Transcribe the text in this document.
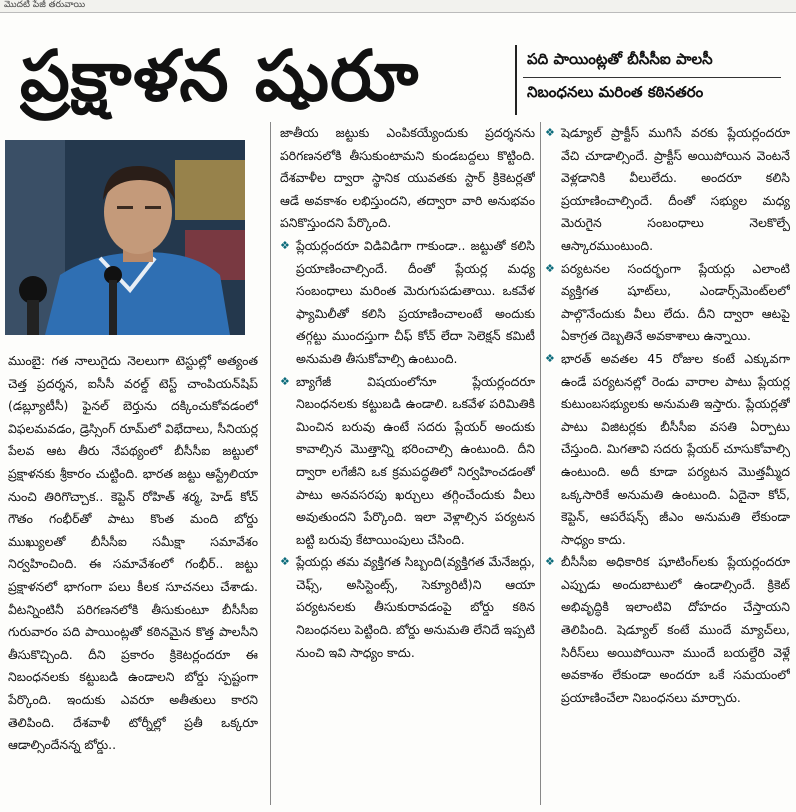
మొదటి పేజీ తరువాయి
ప్రక్షాళన షురూ	పది పాయింట్లతో బీసీసీఐ పాలసీ
నిబంధనలు మరింత కఠినతరం

ముంబై: గత నాలుగైదు నెలలుగా టెస్టుల్లో అత్యంత చెత్త ప్రదర్శన, ఐసీసీ వరల్డ్ టెస్ట్ చాంపియన్‌షిప్ (డబ్ల్యూటీసీ) ఫైనల్ బెర్తును దక్కించుకోవడంలో విఫలమవడం, డ్రెస్సింగ్ రూమ్‌లో విభేదాలు, సీనియర్ల పేలవ ఆట తీరు నేపథ్యంలో బీసీసీఐ జట్టులో ప్రక్షాళనకు శ్రీకారం చుట్టింది. భారత జట్టు ఆస్ట్రేలియా నుంచి తిరిగొచ్చాక.. కెప్టెన్ రోహిత్ శర్మ, హెడ్ కోచ్ గౌతం గంభీర్‌తో పాటు కొంత మంది బోర్డు ముఖ్యులతో బీసీసీఐ సమీక్షా సమావేశం నిర్వహించింది. ఈ సమావేశంలో గంభీర్.. జట్టు ప్రక్షాళనలో భాగంగా పలు కీలక సూచనలు చేశాడు. వీటన్నింటినీ పరిగణనలోకి తీసుకుంటూ బీసీసీఐ గురువారం పది పాయింట్లతో కఠినమైన కొత్త పాలసీని తీసుకొచ్చింది. దీని ప్రకారం క్రికెటర్లందరూ ఈ నిబంధనలకు కట్టుబడి ఉండాలని బోర్డు స్పష్టంగా పేర్కొంది. ఇందుకు ఎవరూ అతీతులు కారని తెలిపింది. దేశవాళీ టోర్నీల్లో ప్రతీ ఒక్కరూ ఆడాల్సిందేనన్న బోర్డు..

జాతీయ జట్టుకు ఎంపికయ్యేందుకు ప్రదర్శనను పరిగణనలోకి తీసుకుంటామని కుండబద్దలు కొట్టింది. దేశవాళీల ద్వారా స్థానిక యువతకు స్టార్ క్రికెటర్లతో ఆడే అవకాశం లభిస్తుందని, తద్వారా వారి అనుభవం పనికొస్తుందని పేర్కొంది.

❖ ప్లేయర్లందరూ విడివిడిగా గాకుండా.. జట్టుతో కలిసి ప్రయాణించాల్సిందే. దీంతో ప్లేయర్ల మధ్య సంబంధాలు మరింత మెరుగుపడుతాయి. ఒకవేళ ఫ్యామిలీతో కలిసి ప్రయాణించాలంటే అందుకు తగ్గట్టు ముందస్తుగా చీఫ్ కోచ్ లేదా సెలెక్షన్ కమిటీ అనుమతి తీసుకోవాల్సి ఉంటుంది.

❖ బ్యాగేజీ విషయంలోనూ ప్లేయర్లందరూ నిబంధనలకు కట్టుబడి ఉండాలి. ఒకవేళ పరిమితికి మించిన బరువు ఉంటే సదరు ప్లేయర్ అందుకు కావాల్సిన మొత్తాన్ని భరించాల్సి ఉంటుంది. దీని ద్వారా లగేజీని ఒక క్రమపద్ధతిలో నిర్వహించడంతో పాటు అనవసరపు ఖర్చులు తగ్గించేందుకు వీలు అవుతుందని పేర్కొంది. ఇలా వెళ్లాల్సిన పర్యటన బట్టి బరువు కేటాయింపులు చేసింది.

❖ ప్లేయర్లు తమ వ్యక్తిగత సిబ్బంది(వ్యక్తిగత మేనేజర్లు, చెఫ్స్, అసిస్టెంట్స్, సెక్యూరిటీ)ని ఆయా పర్యటనలకు తీసుకురావడంపై బోర్డు కఠిన నిబంధనలు పెట్టింది. బోర్డు అనుమతి లేనిదే ఇప్పటి నుంచి ఇవి సాధ్యం కాదు.

❖ షెడ్యూల్ ప్రాక్టీస్ ముగిసే వరకు ప్లేయర్లందరూ వేచి చూడాల్సిందే. ప్రాక్టీస్ అయిపోయిన వెంటనే వెళ్లడానికి వీలులేదు. అందరూ కలిసి ప్రయాణించాల్సిందే. దీంతో సభ్యుల మధ్య మెరుగైన సంబంధాలు నెలకొల్పే ఆస్కారముంటుంది.

❖ పర్యటనల సందర్భంగా ప్లేయర్లు ఎలాంటి వ్యక్తిగత షూట్‌లు, ఎండార్స్‌మెంట్‌లలో పాల్గొనేందుకు వీలు లేదు. దీని ద్వారా ఆటపై ఏకాగ్రత దెబ్బతినే అవకాశాలు ఉన్నాయి.

❖ భారత్ అవతల 45 రోజుల కంటే ఎక్కువగా ఉండే పర్యటనల్లో రెండు వారాల పాటు ప్లేయర్ల కుటుంబసభ్యులకు అనుమతి ఇస్తారు. ప్లేయర్లతో పాటు విజిటర్లకు బీసీసీఐ వసతి ఏర్పాటు చేస్తుంది. మిగతావి సదరు ప్లేయర్ చూసుకోవాల్సి ఉంటుంది. అదీ కూడా పర్యటన మొత్తమ్మీద ఒక్కసారికే అనుమతి ఉంటుంది. ఏదైనా కోచ్, కెప్టెన్, ఆపరేషన్స్ జీఎం అనుమతి లేకుండా సాధ్యం కాదు.

❖ బీసీసీఐ అధికారిక షూటింగ్‌లకు ప్లేయర్లందరూ ఎప్పుడు అందుబాటులో ఉండాల్సిందే. క్రికెట్ అభివృద్ధికి ఇలాంటివి దోహదం చేస్తాయని తెలిపింది. షెడ్యూల్ కంటే ముందే మ్యాచ్‌లు, సిరీస్‌లు అయిపోయినా ముందే బయల్దేరి వెళ్లే అవకాశం లేకుండా అందరూ ఒకే సమయంలో ప్రయాణించేలా నిబంధనలు మార్చారు.
